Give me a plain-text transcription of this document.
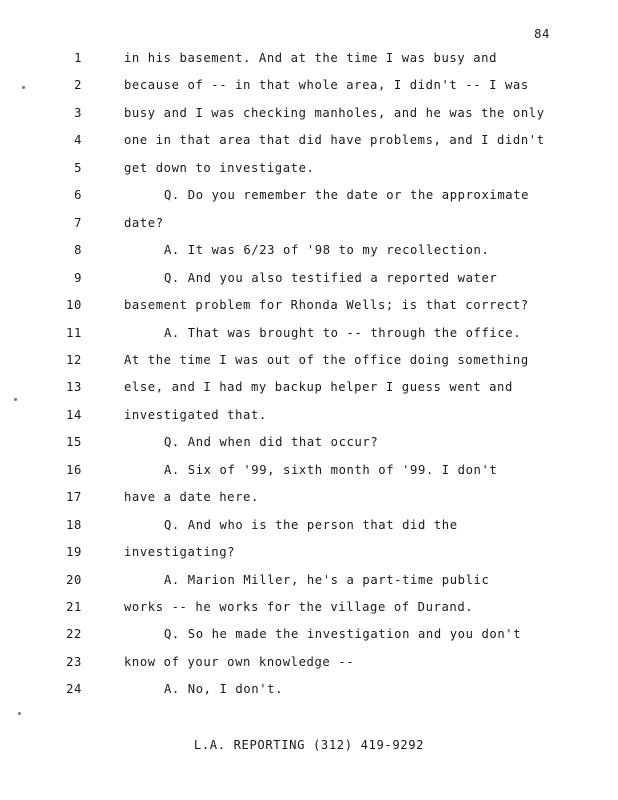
84
1	in his basement. And at the time I was busy and
2	because of -- in that whole area, I didn't -- I was
3	busy and I was checking manholes, and he was the only
4	one in that area that did have problems, and I didn't
5	get down to investigate.
6	Q. Do you remember the date or the approximate
7	date?
8	A. It was 6/23 of '98 to my recollection.
9	Q. And you also testified a reported water
10	basement problem for Rhonda Wells; is that correct?
11	A. That was brought to -- through the office.
12	At the time I was out of the office doing something
13	else, and I had my backup helper I guess went and
14	investigated that.
15	Q. And when did that occur?
16	A. Six of '99, sixth month of '99. I don't
17	have a date here.
18	Q. And who is the person that did the
19	investigating?
20	A. Marion Miller, he's a part-time public
21	works -- he works for the village of Durand.
22	Q. So he made the investigation and you don't
23	know of your own knowledge --
24	A. No, I don't.
L.A. REPORTING (312) 419-9292
